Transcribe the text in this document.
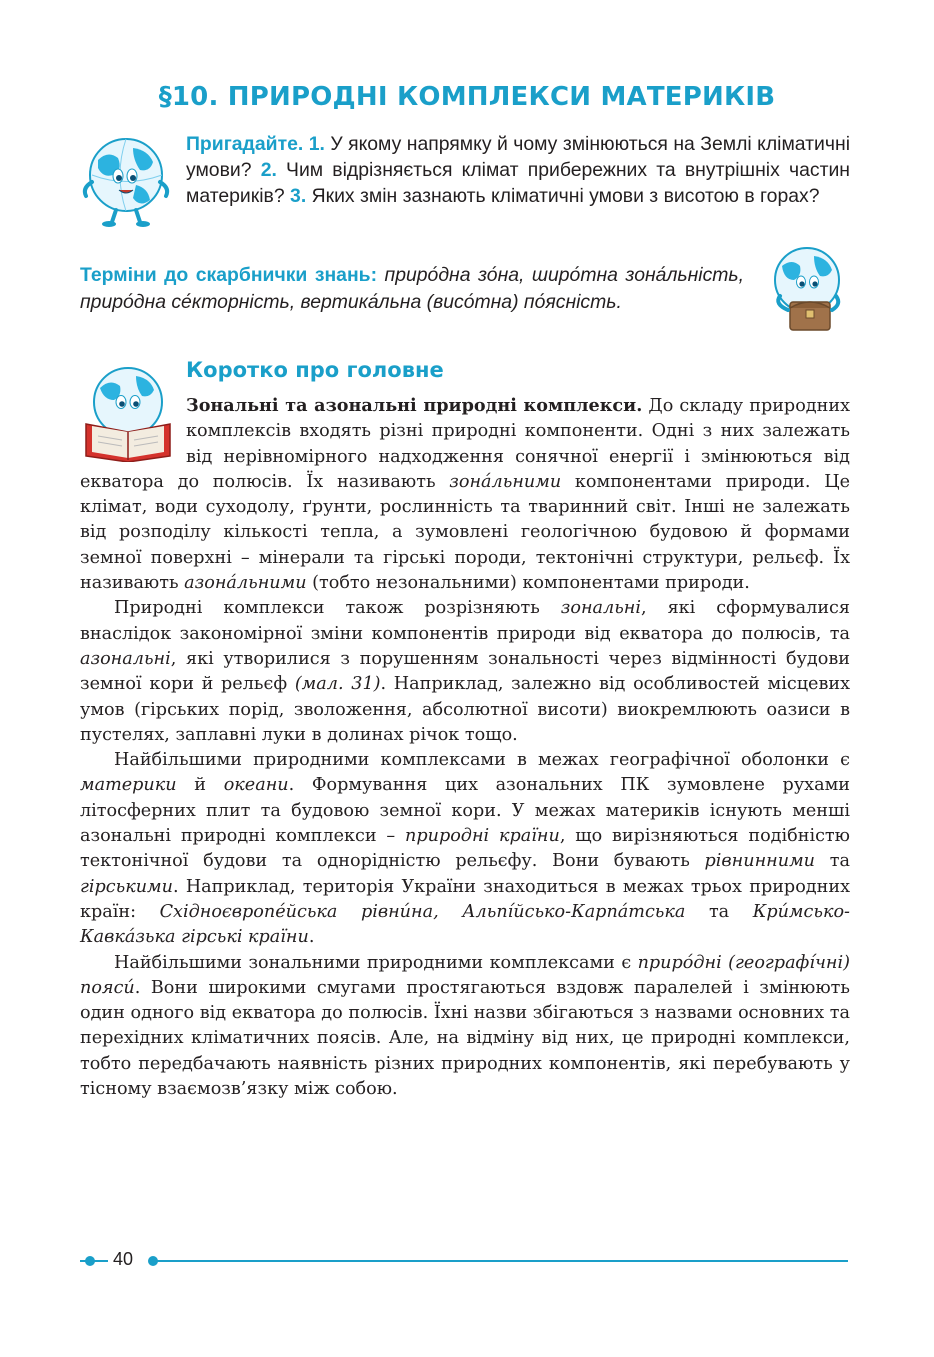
§10. ПРИРОДНІ КОМПЛЕКСИ МАТЕРИКІВ
Пригадайте. 1. У якому напрямку й чому змінюються на Землі кліматичні умови? 2. Чим відрізняється клімат прибережних та внутрішніх частин материків? 3. Яких змін зазнають кліматичні умови з висотою в горах?
Терміни до скарбнички знань: приро́дна зо́на, широ́тна зона́льність, приро́дна се́кторність, вертика́льна (висо́тна) по́ясність.
Коротко про головне

Зональні та азональні природні комплекси. До складу природних комплексів входять різні природні компоненти. Одні з них залежать від нерівномірного надходження сонячної енергії і змінюються від екватора до полюсів. Їх називають зона́льними компонентами природи. Це клімат, води суходолу, ґрунти, рослинність та тваринний світ. Інші не залежать від розподілу кількості тепла, а зумовлені геологічною будовою й формами земної поверхні – мінерали та гірські породи, тектонічні структури, рельєф. Їх називають азона́льними (тобто незональними) компонентами природи.

Природні комплекси також розрізняють зональні, які сформувалися внаслідок закономірної зміни компонентів природи від екватора до полюсів, та азональні, які утворилися з порушенням зональності через відмінності будови земної кори й рельєф (мал. 31). Наприклад, залежно від особливостей місцевих умов (гірських порід, зволоження, абсолютної висоти) виокремлюють оазиси в пустелях, заплавні луки в долинах річок тощо.

Найбільшими природними комплексами в межах географічної оболонки є материки й океани. Формування цих азональних ПК зумовлене рухами літосферних плит та будовою земної кори. У межах материків існують менші азональні природні комплекси – природні країни, що вирізняються подібністю тектонічної будови та однорідністю рельєфу. Вони бувають рівнинними та гірськими. Наприклад, територія України знаходиться в межах трьох природних країн: Східноєвропе́йська рівни́на, Альпі́йсько-Карпа́тська та Кри́мсько-Кавка́зька гірські країни.

Найбільшими зональними природними комплексами є приро́дні (географі́чні) поясú. Вони широкими смугами простягаються вздовж паралелей і змінюють один одного від екватора до полюсів. Їхні назви збігаються з назвами основних та перехідних кліматичних поясів. Але, на відміну від них, це природні комплекси, тобто передбачають наявність різних природних компонентів, які перебувають у тісному взаємозв’язку між собою.

40
